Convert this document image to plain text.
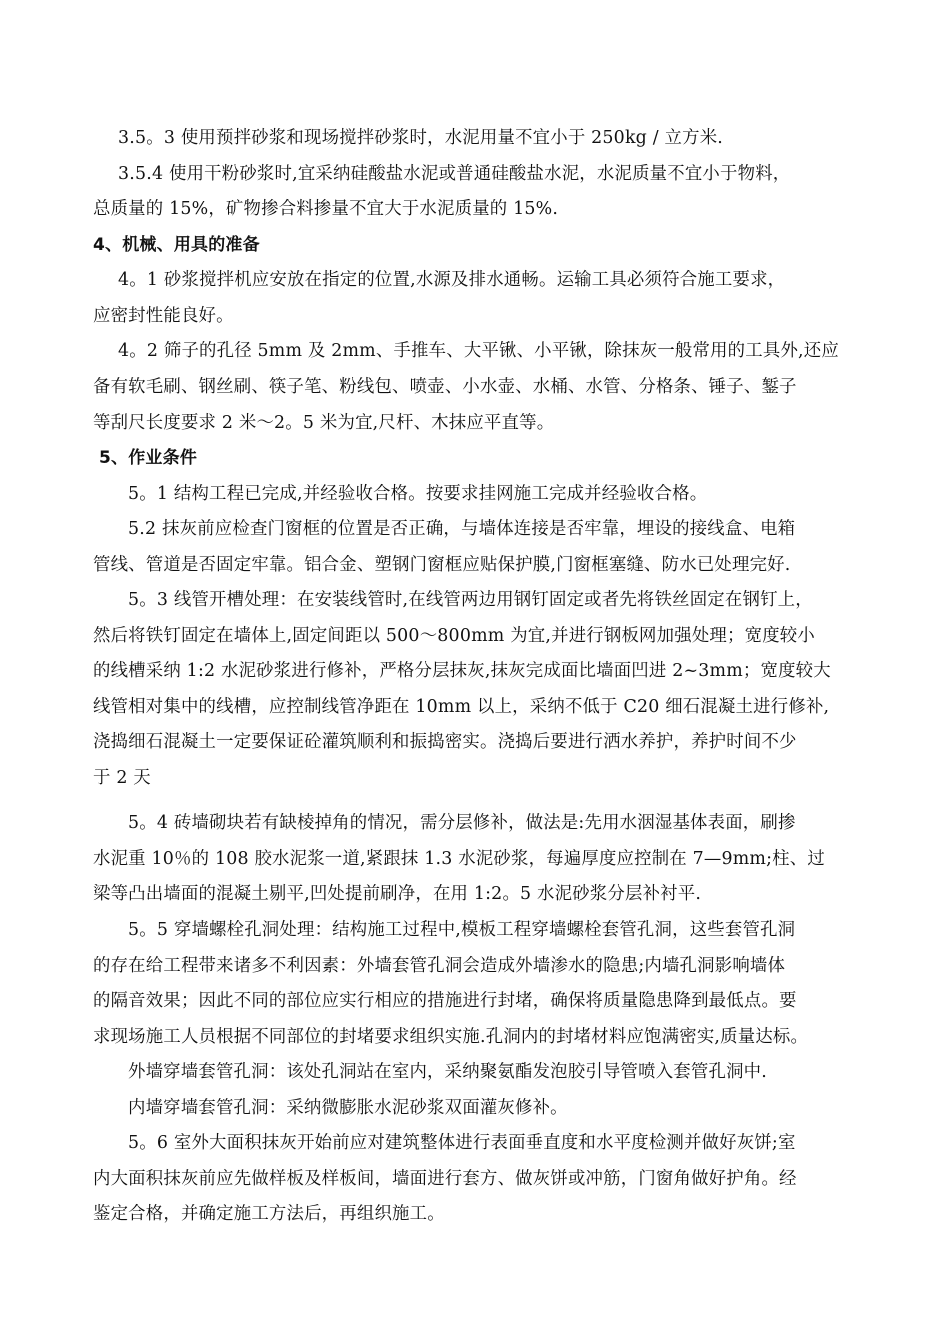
3.5。3 使用预拌砂浆和现场搅拌砂浆时，水泥用量不宜小于 250kg / 立方米.
3.5.4 使用干粉砂浆时,宜采纳硅酸盐水泥或普通硅酸盐水泥，水泥质量不宜小于物料，
总质量的 15%，矿物掺合料掺量不宜大于水泥质量的 15%.
4、机械、用具的准备
4。1 砂浆搅拌机应安放在指定的位置,水源及排水通畅。运输工具必须符合施工要求，
应密封性能良好。
4。2 筛子的孔径 5mm 及 2mm、手推车、大平锹、小平锹，除抹灰一般常用的工具外,还应
备有软毛刷、钢丝刷、筷子笔、粉线包、喷壶、小水壶、水桶、水管、分格条、锤子、錾子
等刮尺长度要求 2 米～2。5 米为宜,尺杆、木抹应平直等。
5、作业条件
5。1 结构工程已完成,并经验收合格。按要求挂网施工完成并经验收合格。
5.2 抹灰前应检查门窗框的位置是否正确，与墙体连接是否牢靠，埋设的接线盒、电箱
管线、管道是否固定牢靠。铝合金、塑钢门窗框应贴保护膜,门窗框塞缝、防水已处理完好.
5。3 线管开槽处理：在安装线管时,在线管两边用钢钉固定或者先将铁丝固定在钢钉上，
然后将铁钉固定在墙体上,固定间距以 500～800mm 为宜,并进行钢板网加强处理；宽度较小
的线槽采纳 1:2 水泥砂浆进行修补，严格分层抹灰,抹灰完成面比墙面凹进 2~3mm；宽度较大
线管相对集中的线槽，应控制线管净距在 10mm 以上，采纳不低于 C20 细石混凝土进行修补,
浇捣细石混凝土一定要保证砼灌筑顺利和振捣密实。浇捣后要进行洒水养护，养护时间不少
于 2 天
5。4 砖墙砌块若有缺棱掉角的情况，需分层修补，做法是:先用水洇湿基体表面，刷掺
水泥重 10％的 108 胶水泥浆一道,紧跟抹 1.3 水泥砂浆，每遍厚度应控制在 7—9mm;柱、过
梁等凸出墙面的混凝土剔平,凹处提前刷净，在用 1:2。5 水泥砂浆分层补衬平.
5。5 穿墙螺栓孔洞处理：结构施工过程中,模板工程穿墙螺栓套管孔洞，这些套管孔洞
的存在给工程带来诸多不利因素：外墙套管孔洞会造成外墙渗水的隐患;内墙孔洞影响墙体
的隔音效果；因此不同的部位应实行相应的措施进行封堵，确保将质量隐患降到最低点。要
求现场施工人员根据不同部位的封堵要求组织实施.孔洞内的封堵材料应饱满密实,质量达标。
外墙穿墙套管孔洞：该处孔洞站在室内，采纳聚氨酯发泡胶引导管喷入套管孔洞中.
内墙穿墙套管孔洞：采纳微膨胀水泥砂浆双面灌灰修补。
5。6 室外大面积抹灰开始前应对建筑整体进行表面垂直度和水平度检测并做好灰饼;室
内大面积抹灰前应先做样板及样板间，墙面进行套方、做灰饼或冲筋，门窗角做好护角。经
鉴定合格，并确定施工方法后，再组织施工。
